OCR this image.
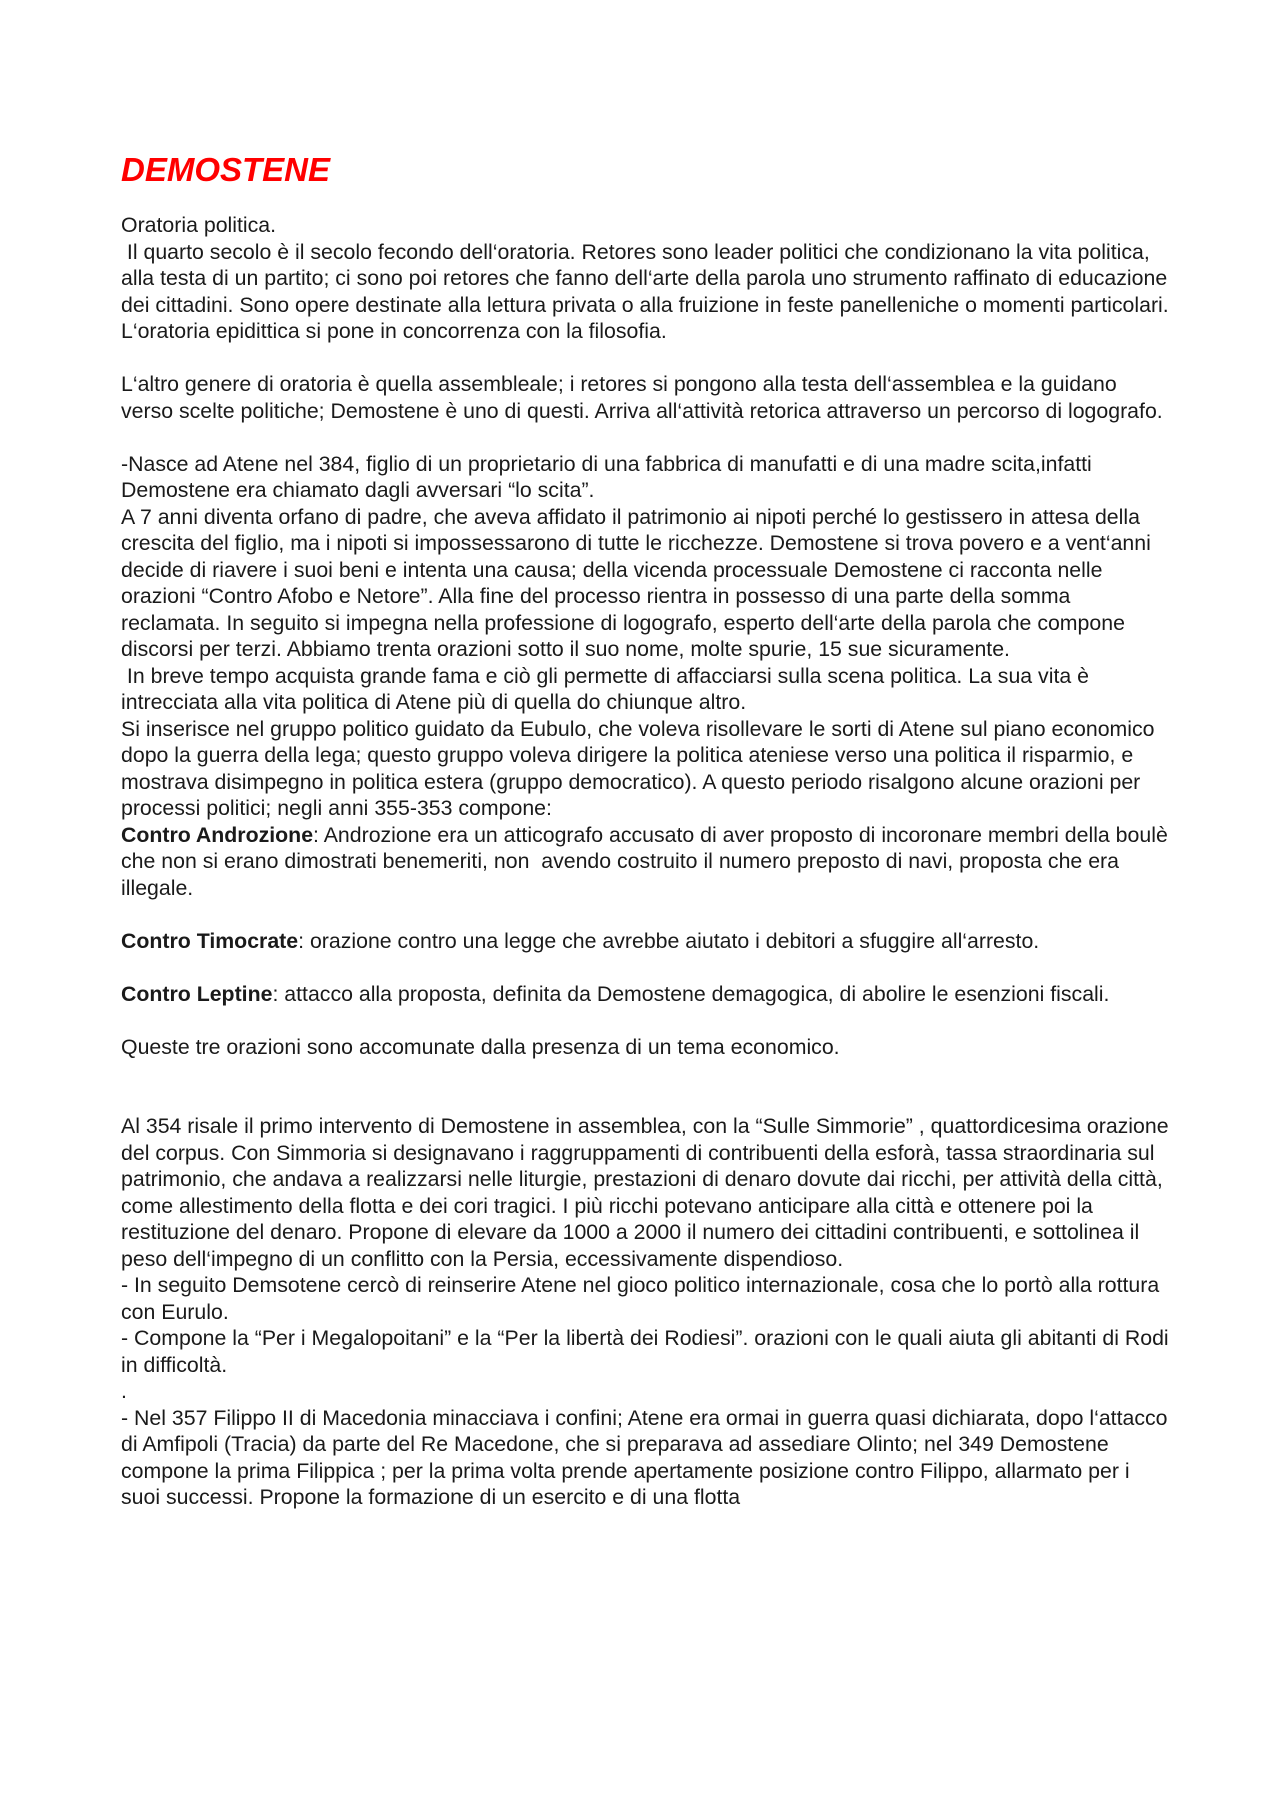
DEMOSTENE

Oratoria politica.

Il quarto secolo è il secolo fecondo dell‘oratoria. Retores sono leader politici che condizionano la vita politica, alla testa di un partito; ci sono poi retores che fanno dell‘arte della parola uno strumento raffinato di educazione dei cittadini. Sono opere destinate alla lettura privata o alla fruizione in feste panelleniche o momenti particolari. L‘oratoria epidittica si pone in concorrenza con la filosofia.

L‘altro genere di oratoria è quella assembleale; i retores si pongono alla testa dell‘assemblea e la guidano verso scelte politiche; Demostene è uno di questi. Arriva all‘attività retorica attraverso un percorso di logografo.

-Nasce ad Atene nel 384, figlio di un proprietario di una fabbrica di manufatti e di una madre scita,infatti Demostene era chiamato dagli avversari “lo scita”.

A 7 anni diventa orfano di padre, che aveva affidato il patrimonio ai nipoti perché lo gestissero in attesa della crescita del figlio, ma i nipoti si impossessarono di tutte le ricchezze. Demostene si trova povero e a vent‘anni decide di riavere i suoi beni e intenta una causa; della vicenda processuale Demostene ci racconta nelle orazioni “Contro Afobo e Netore”. Alla fine del processo rientra in possesso di una parte della somma reclamata. In seguito si impegna nella professione di logografo, esperto dell‘arte della parola che compone discorsi per terzi. Abbiamo trenta orazioni sotto il suo nome, molte spurie, 15 sue sicuramente.

In breve tempo acquista grande fama e ciò gli permette di affacciarsi sulla scena politica. La sua vita è intrecciata alla vita politica di Atene più di quella do chiunque altro.

Si inserisce nel gruppo politico guidato da Eubulo, che voleva risollevare le sorti di Atene sul piano economico dopo la guerra della lega; questo gruppo voleva dirigere la politica ateniese verso una politica il risparmio, e mostrava disimpegno in politica estera (gruppo democratico). A questo periodo risalgono alcune orazioni per processi politici; negli anni 355-353 compone:

Contro Androzione: Androzione era un atticografo accusato di aver proposto di incoronare membri della boulè che non si erano dimostrati benemeriti, non  avendo costruito il numero preposto di navi, proposta che era illegale.

Contro Timocrate: orazione contro una legge che avrebbe aiutato i debitori a sfuggire all‘arresto.

Contro Leptine: attacco alla proposta, definita da Demostene demagogica, di abolire le esenzioni fiscali.

Queste tre orazioni sono accomunate dalla presenza di un tema economico.

Al 354 risale il primo intervento di Demostene in assemblea, con la “Sulle Simmorie” , quattordicesima orazione del corpus. Con Simmoria si designavano i raggruppamenti di contribuenti della esforà, tassa straordinaria sul patrimonio, che andava a realizzarsi nelle liturgie, prestazioni di denaro dovute dai ricchi, per attività della città, come allestimento della flotta e dei cori tragici. I più ricchi potevano anticipare alla città e ottenere poi la restituzione del denaro. Propone di elevare da 1000 a 2000 il numero dei cittadini contribuenti, e sottolinea il peso dell‘impegno di un conflitto con la Persia, eccessivamente dispendioso.

- In seguito Demsotene cercò di reinserire Atene nel gioco politico internazionale, cosa che lo portò alla rottura con Eurulo.

- Compone la “Per i Megalopoitani” e la “Per la libertà dei Rodiesi”. orazioni con le quali aiuta gli abitanti di Rodi in difficoltà.

.

- Nel 357 Filippo II di Macedonia minacciava i confini; Atene era ormai in guerra quasi dichiarata, dopo l‘attacco di Amfipoli (Tracia) da parte del Re Macedone, che si preparava ad assediare Olinto; nel 349 Demostene compone la prima Filippica ; per la prima volta prende apertamente posizione contro Filippo, allarmato per i suoi successi. Propone la formazione di un esercito e di una flotta
